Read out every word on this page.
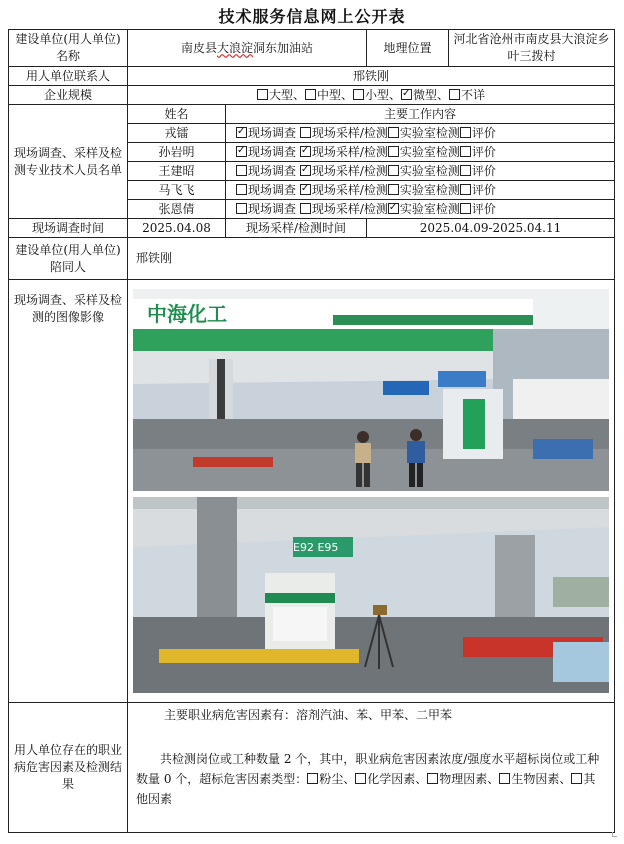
技术服务信息网上公开表
建设单位(用人单位)名称	南皮县大浪淀洞东加油站		地理位置	河北省沧州市南皮县大浪淀乡叶三拨村
用人单位联系人	邢铁刚			
企业规模	大型、 中型、 小型、 ✓ 微型、 不详
现场调查、采样及检测专业技术人员名单	姓名	主要工作内容		
	戎镭	✓现场调查 现场采样/检测 实验室检测 评价
	孙岩明	✓现场调查 ✓ 现场采样/检测 实验室检测 评价
	王建昭	现场调查 ✓ 现场采样/检测 实验室检测 评价
	马飞飞	现场调查 ✓ 现场采样/检测 实验室检测 评价
	张恩倩	现场调查 现场采样/检测 ✓ 实验室检测 评价
现场调查时间	2025.04.08	现场采样/检测时间	2025.04.09-2025.04.11	
建设单位(用人单位)陪同人	邢铁刚			
现场调查、采样及检测的图像影像	中海化工
E92 E95			

用人单位存在的职业病危害因素及检测结果	主要职业病危害因素有：溶剂汽油、苯、甲苯、二甲苯

共检测岗位或工种数量 2 个，其中，职业病危害因素浓度/强度水平超标岗位或工种数量 0 个，超标危害因素类型： 粉尘、 化学因素、 物理因素、 生物因素、 其他因素			
